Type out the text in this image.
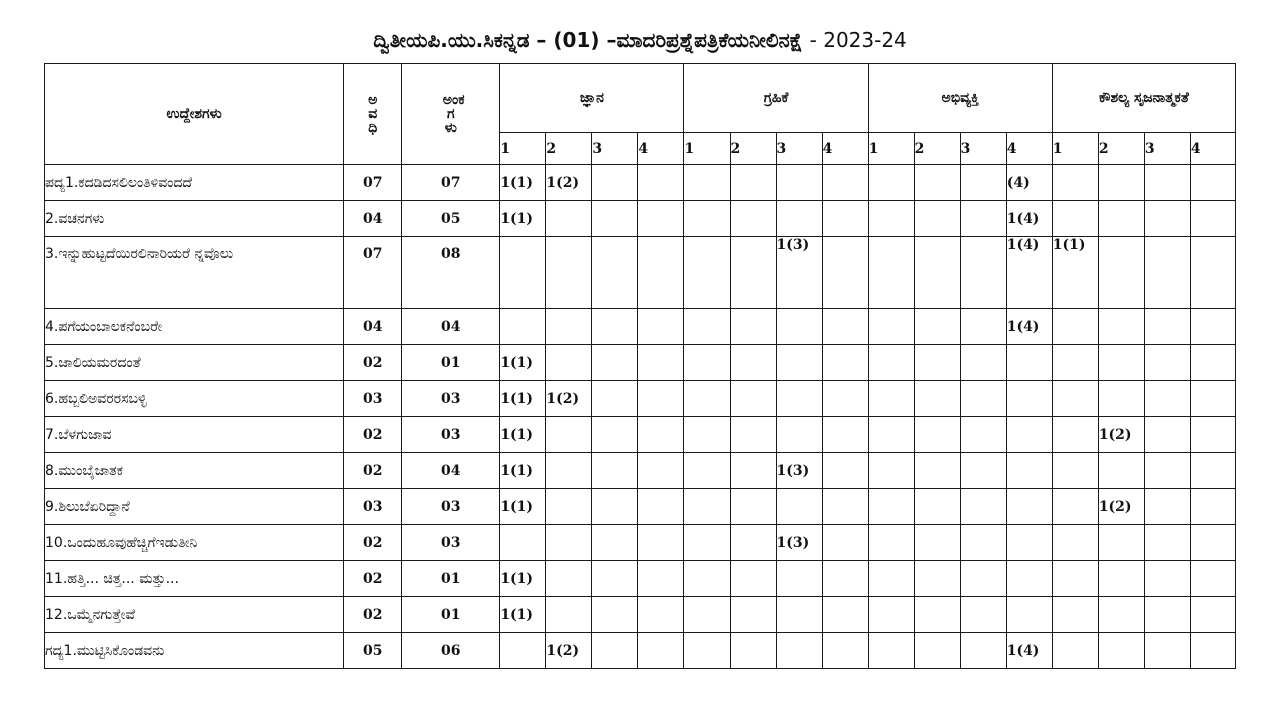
ದ್ವಿತೀಯಪಿ.ಯು.ಸಿಕನ್ನಡ – (01) –ಮಾದರಿಪ್ರಶ್ನೆಪತ್ರಿಕೆಯನೀಲಿನಕ್ಷೆ - 2023-24
ಉದ್ದೇಶಗಳು	ಅವಧಿ	ಅಂಕಗಳು	ಜ್ಞಾನ				ಗ್ರಹಿಕೆ				ಅಭಿವ್ಯಕ್ತಿ				ಕೌಶಲ್ಯ ಸೃಜನಾತ್ಮಕತೆ			
			1	2	3	4	1	2	3	4	1	2	3	4	1	2	3	4
ಪದ್ಯ1.ಕದಡಿದಸಲಿಲಂತಿಳಿವಂದದೆ	07	07	1(1)	1(2)										(4)				
2.ವಚನಗಳು	04	05	1(1)											1(4)				
3.ಇನ್ನುಹುಟ್ಟದೆಯಿರಲಿನಾರಿಯರೆ ನ್ನವೊಲು	07	08							1(3)					1(4)	1(1)			
4.ಪಗೆಯಂಬಾಲಕನೆಂಬರೇ	04	04												1(4)				
5.ಜಾಲಿಯಮರದಂತೆ	02	01	1(1)															
6.ಹಬ್ಬಲಿಅವರರಸಬಳ್ಳಿ	03	03	1(1)	1(2)														
7.ಬೆಳಗುಜಾವ	02	03	1(1)													1(2)		
8.ಮುಂಬೈಜಾತಕ	02	04	1(1)						1(3)									
9.ಶಿಲುಬೆಏರಿದ್ದಾನೆ	03	03	1(1)													1(2)		
10.ಒಂದುಹೂವುಹೆಚ್ಚಿಗೆಇಡುತೀನಿ	02	03							1(3)									
11.ಹತ್ತಿ... ಚಿತ್ತ... ಮತ್ತು...	02	01	1(1)															
12.ಒಮ್ಮೆನಗುತ್ತೇವೆ	02	01	1(1)															
ಗದ್ಯ1.ಮುಟ್ಟಿಸಿಕೊಂಡವನು	05	06		1(2)										1(4)				
